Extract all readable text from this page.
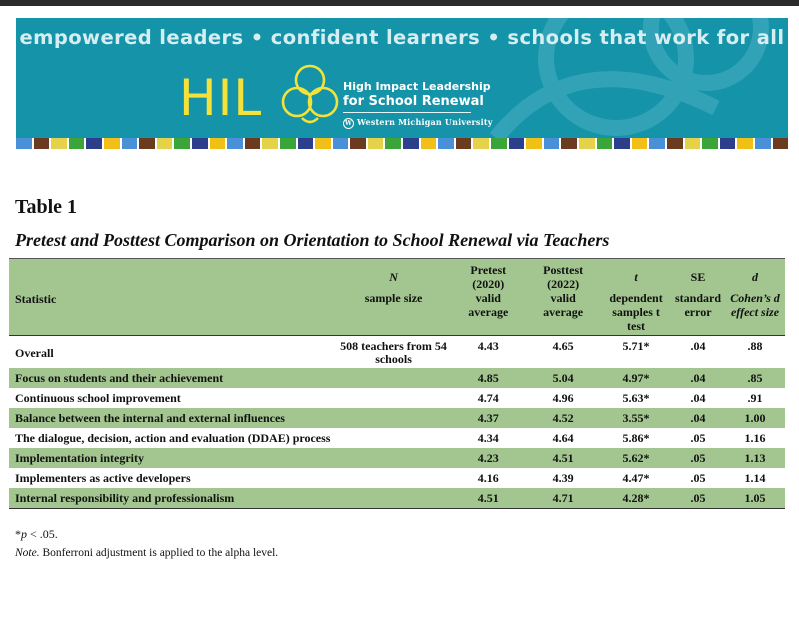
empowered leaders • confident learners • schools that work for all
HIL	High Impact Leadership
for School Renewal
W Western Michigan University
Table 1
Pretest and Posttest Comparison on Orientation to School Renewal via Teachers
Statistic	N	Pretest (2020)	Posttest (2022)	t	SE	d
	sample size	valid average	valid average	dependent samples t test	standard error	Cohen’s d effect size
Overall	508 teachers from 54 schools	4.43	4.65	5.71*	.04	.88
Focus on students and their achievement		4.85	5.04	4.97*	.04	.85
Continuous school improvement		4.74	4.96	5.63*	.04	.91
Balance between the internal and external influences		4.37	4.52	3.55*	.04	1.00
The dialogue, decision, action and evaluation (DDAE) process		4.34	4.64	5.86*	.05	1.16
Implementation integrity		4.23	4.51	5.62*	.05	1.13
Implementers as active developers		4.16	4.39	4.47*	.05	1.14
Internal responsibility and professionalism		4.51	4.71	4.28*	.05	1.05
*p < .05.
Note. Bonferroni adjustment is applied to the alpha level.
